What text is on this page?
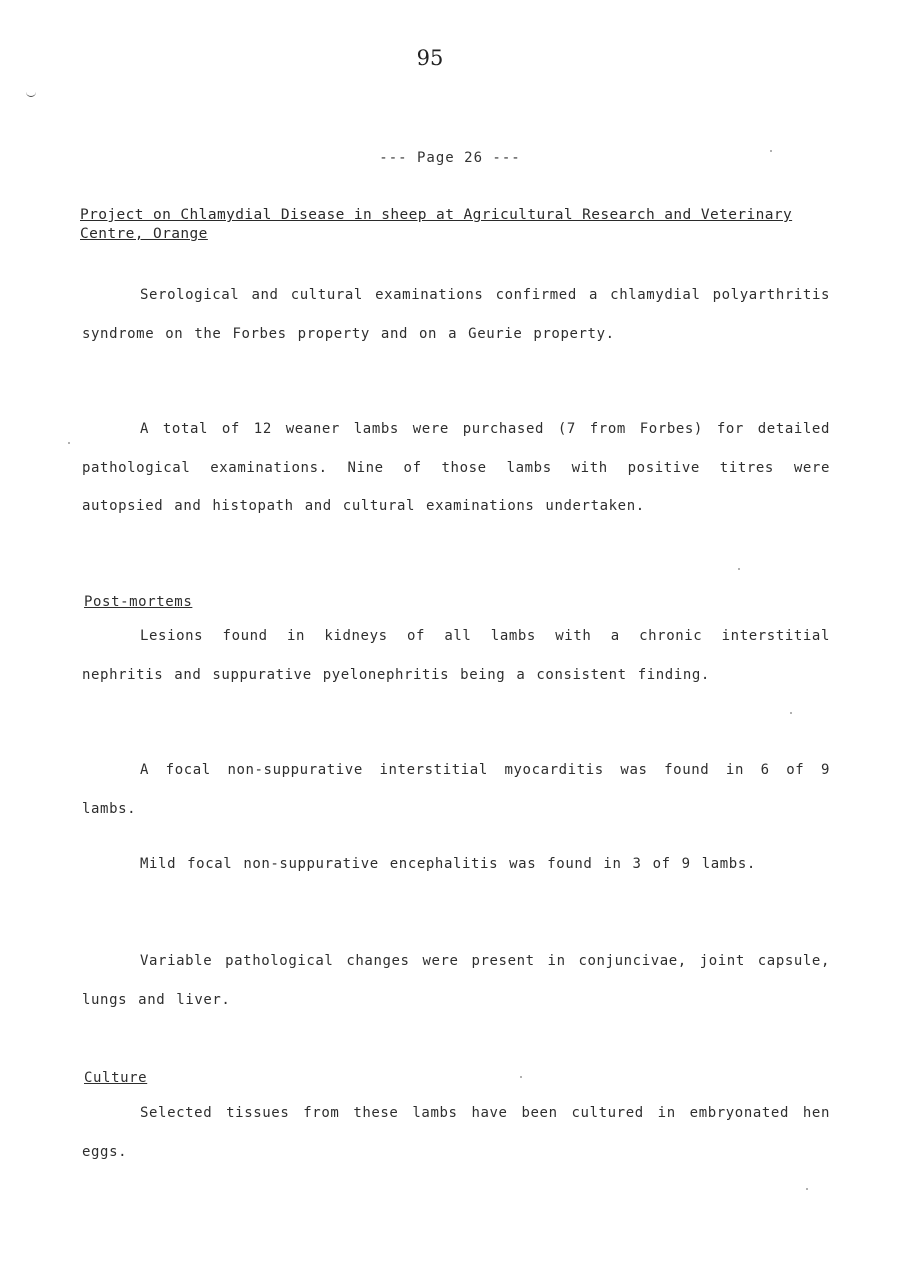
95
--- Page 26 ---
Project on Chlamydial Disease in sheep at Agricultural Research and Veterinary Centre, Orange
Serological and cultural examinations confirmed a chlamydial polyarthritis syndrome on the Forbes property and on a Geurie property.
A total of 12 weaner lambs were purchased (7 from Forbes) for detailed pathological examinations. Nine of those lambs with positive titres were autopsied and histopath and cultural examinations undertaken.
Post-mortems
Lesions found in kidneys of all lambs with a chronic interstitial nephritis and suppurative pyelonephritis being a consistent finding.
A focal non-suppurative interstitial myocarditis was found in 6 of 9 lambs.
Mild focal non-suppurative encephalitis was found in 3 of 9 lambs.
Variable pathological changes were present in conjuncivae, joint capsule, lungs and liver.
Culture
Selected tissues from these lambs have been cultured in embryonated hen eggs.
